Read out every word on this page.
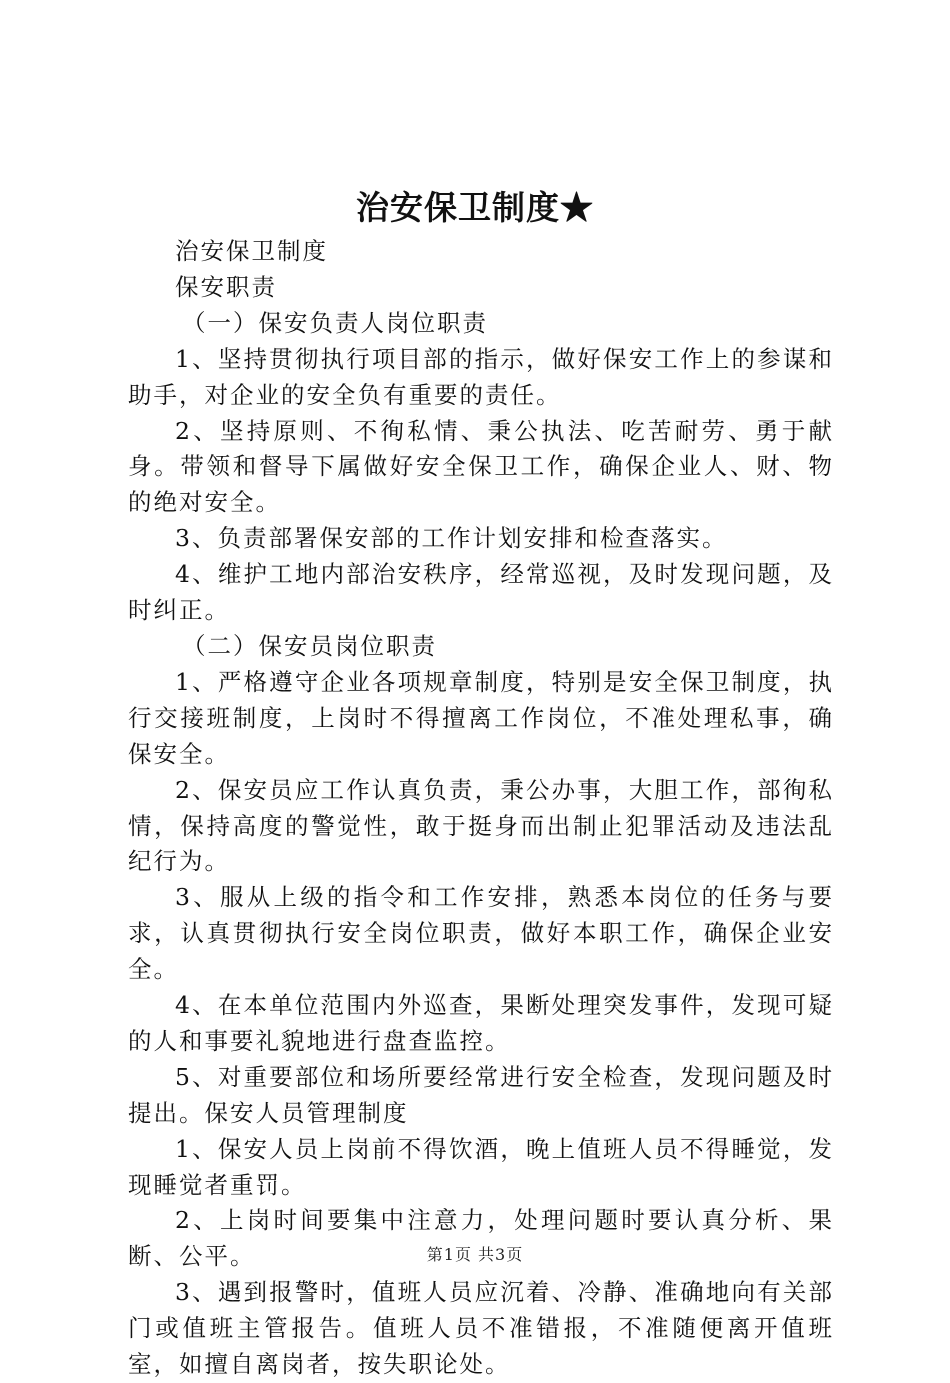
治安保卫制度★

治安保卫制度

保安职责

（一）保安负责人岗位职责

1、坚持贯彻执行项目部的指示，做好保安工作上的参谋和助手，对企业的安全负有重要的责任。

2、坚持原则、不徇私情、秉公执法、吃苦耐劳、勇于献身。带领和督导下属做好安全保卫工作，确保企业人、财、物的绝对安全。

3、负责部署保安部的工作计划安排和检查落实。

4、维护工地内部治安秩序，经常巡视，及时发现问题，及时纠正。

（二）保安员岗位职责

1、严格遵守企业各项规章制度，特别是安全保卫制度，执行交接班制度，上岗时不得擅离工作岗位，不准处理私事，确保安全。

2、保安员应工作认真负责，秉公办事，大胆工作，部徇私情，保持高度的警觉性，敢于挺身而出制止犯罪活动及违法乱纪行为。

3、服从上级的指令和工作安排，熟悉本岗位的任务与要求，认真贯彻执行安全岗位职责，做好本职工作，确保企业安全。

4、在本单位范围内外巡查，果断处理突发事件，发现可疑的人和事要礼貌地进行盘查监控。

5、对重要部位和场所要经常进行安全检查，发现问题及时提出。保安人员管理制度

1、保安人员上岗前不得饮酒，晚上值班人员不得睡觉，发现睡觉者重罚。

2、上岗时间要集中注意力，处理问题时要认真分析、果断、公平。

3、遇到报警时，值班人员应沉着、冷静、准确地向有关部门或值班主管报告。值班人员不准错报，不准随便离开值班室，如擅自离岗者，按失职论处。

第1页 共3页
